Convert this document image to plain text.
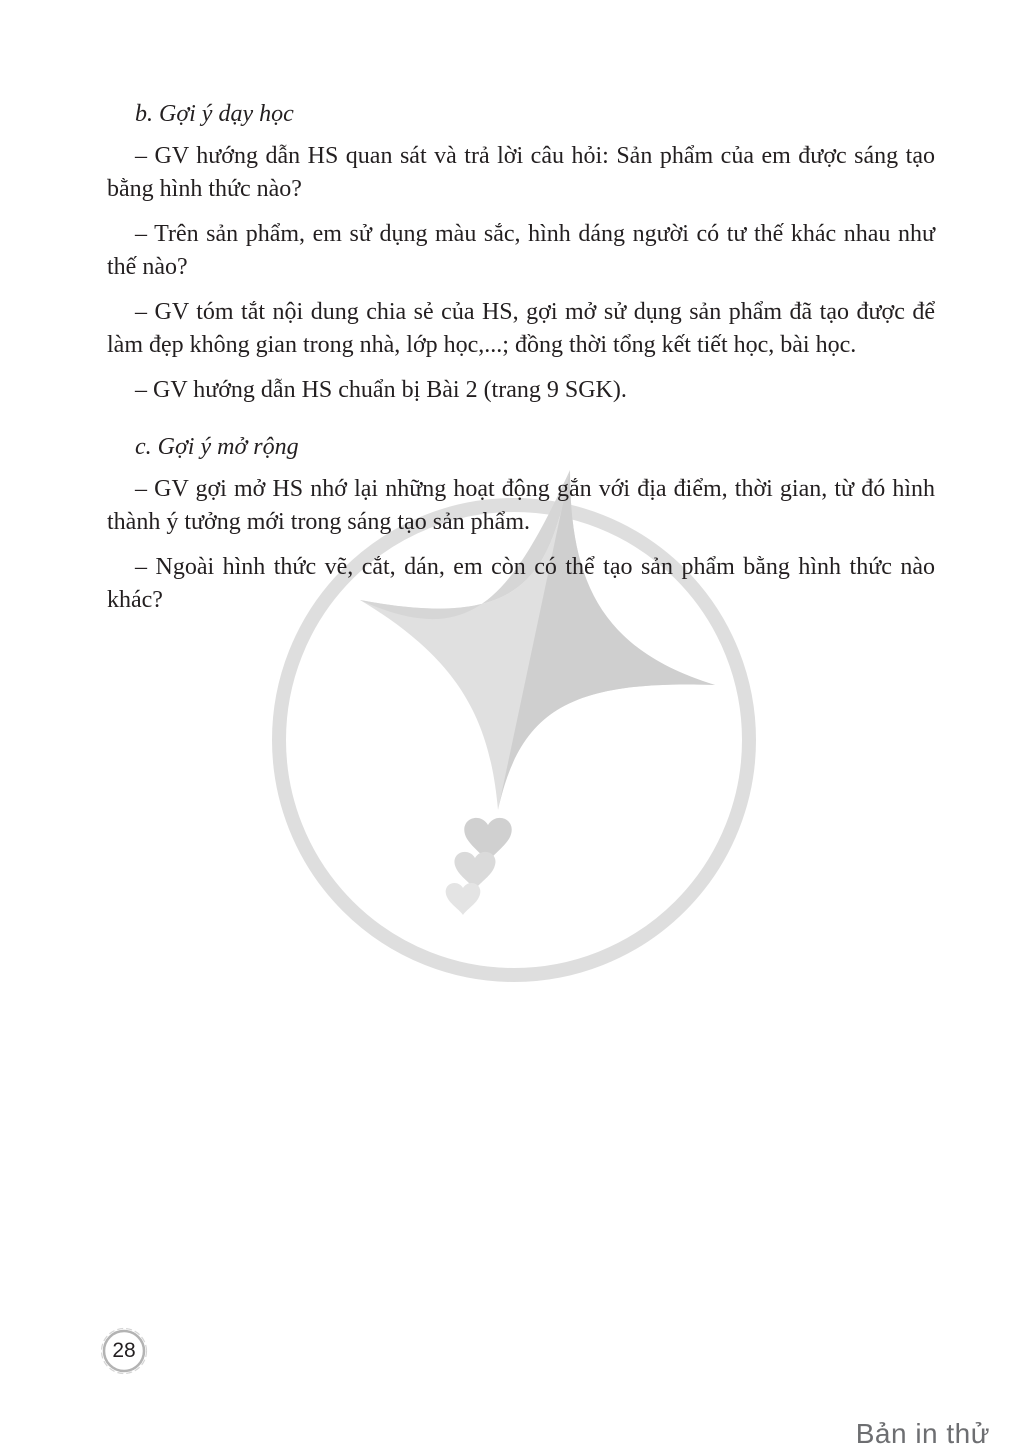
b. Gợi ý dạy học

– GV hướng dẫn HS quan sát và trả lời câu hỏi: Sản phẩm của em được sáng tạo bằng hình thức nào?

– Trên sản phẩm, em sử dụng màu sắc, hình dáng người có tư thế khác nhau như thế nào?

– GV tóm tắt nội dung chia sẻ của HS, gợi mở sử dụng sản phẩm đã tạo được để làm đẹp không gian trong nhà, lớp học,...; đồng thời tổng kết tiết học, bài học.

– GV hướng dẫn HS chuẩn bị Bài 2 (trang 9 SGK).

c. Gợi ý mở rộng

– GV gợi mở HS nhớ lại những hoạt động gắn với địa điểm, thời gian, từ đó hình thành ý tưởng mới trong sáng tạo sản phẩm.

– Ngoài hình thức vẽ, cắt, dán, em còn có thể tạo sản phẩm bằng hình thức nào khác?

28
Bản in thử
